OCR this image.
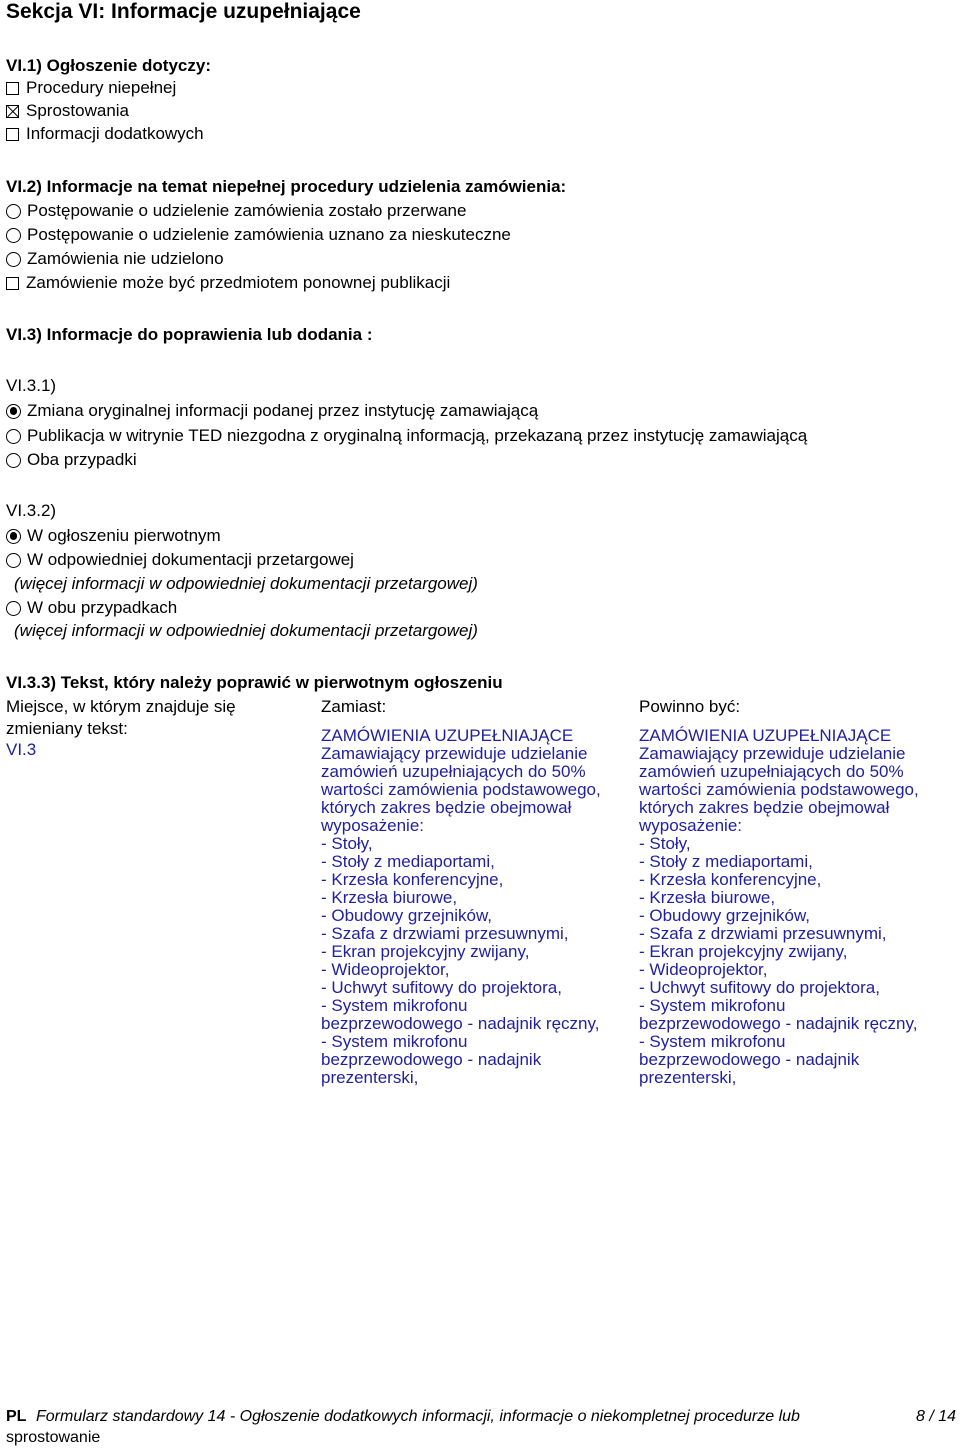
Sekcja VI: Informacje uzupełniające
VI.1) Ogłoszenie dotyczy:
Procedury niepełnej
Sprostowania
Informacji dodatkowych
VI.2) Informacje na temat niepełnej procedury udzielenia zamówienia:
Postępowanie o udzielenie zamówienia zostało przerwane
Postępowanie o udzielenie zamówienia uznano za nieskuteczne
Zamówienia nie udzielono
Zamówienie może być przedmiotem ponownej publikacji
VI.3) Informacje do poprawienia lub dodania :
VI.3.1)
Zmiana oryginalnej informacji podanej przez instytucję zamawiającą
Publikacja w witrynie TED niezgodna z oryginalną informacją, przekazaną przez instytucję zamawiającą
Oba przypadki
VI.3.2)
W ogłoszeniu pierwotnym
W odpowiedniej dokumentacji przetargowej
(więcej informacji w odpowiedniej dokumentacji przetargowej)
W obu przypadkach
(więcej informacji w odpowiedniej dokumentacji przetargowej)
VI.3.3) Tekst, który należy poprawić w pierwotnym ogłoszeniu
Miejsce, w którym znajduje się
zmieniany tekst:
VI.3
Zamiast:
ZAMÓWIENIA UZUPEŁNIAJĄCE
Zamawiający przewiduje udzielanie
zamówień uzupełniających do 50%
wartości zamówienia podstawowego,
których zakres będzie obejmował
wyposażenie:
- Stoły,
- Stoły z mediaportami,
- Krzesła konferencyjne,
- Krzesła biurowe,
- Obudowy grzejników,
- Szafa z drzwiami przesuwnymi,
- Ekran projekcyjny zwijany,
- Wideoprojektor,
- Uchwyt sufitowy do projektora,
- System mikrofonu
bezprzewodowego - nadajnik ręczny,
- System mikrofonu
bezprzewodowego - nadajnik
prezenterski,
Powinno być:
ZAMÓWIENIA UZUPEŁNIAJĄCE
Zamawiający przewiduje udzielanie
zamówień uzupełniających do 50%
wartości zamówienia podstawowego,
których zakres będzie obejmował
wyposażenie:
- Stoły,
- Stoły z mediaportami,
- Krzesła konferencyjne,
- Krzesła biurowe,
- Obudowy grzejników,
- Szafa z drzwiami przesuwnymi,
- Ekran projekcyjny zwijany,
- Wideoprojektor,
- Uchwyt sufitowy do projektora,
- System mikrofonu
bezprzewodowego - nadajnik ręczny,
- System mikrofonu
bezprzewodowego - nadajnik
prezenterski,
PL Formularz standardowy 14 - Ogłoszenie dodatkowych informacji, informacje o niekompletnej procedurze lub
sprostowanie
8 / 14
